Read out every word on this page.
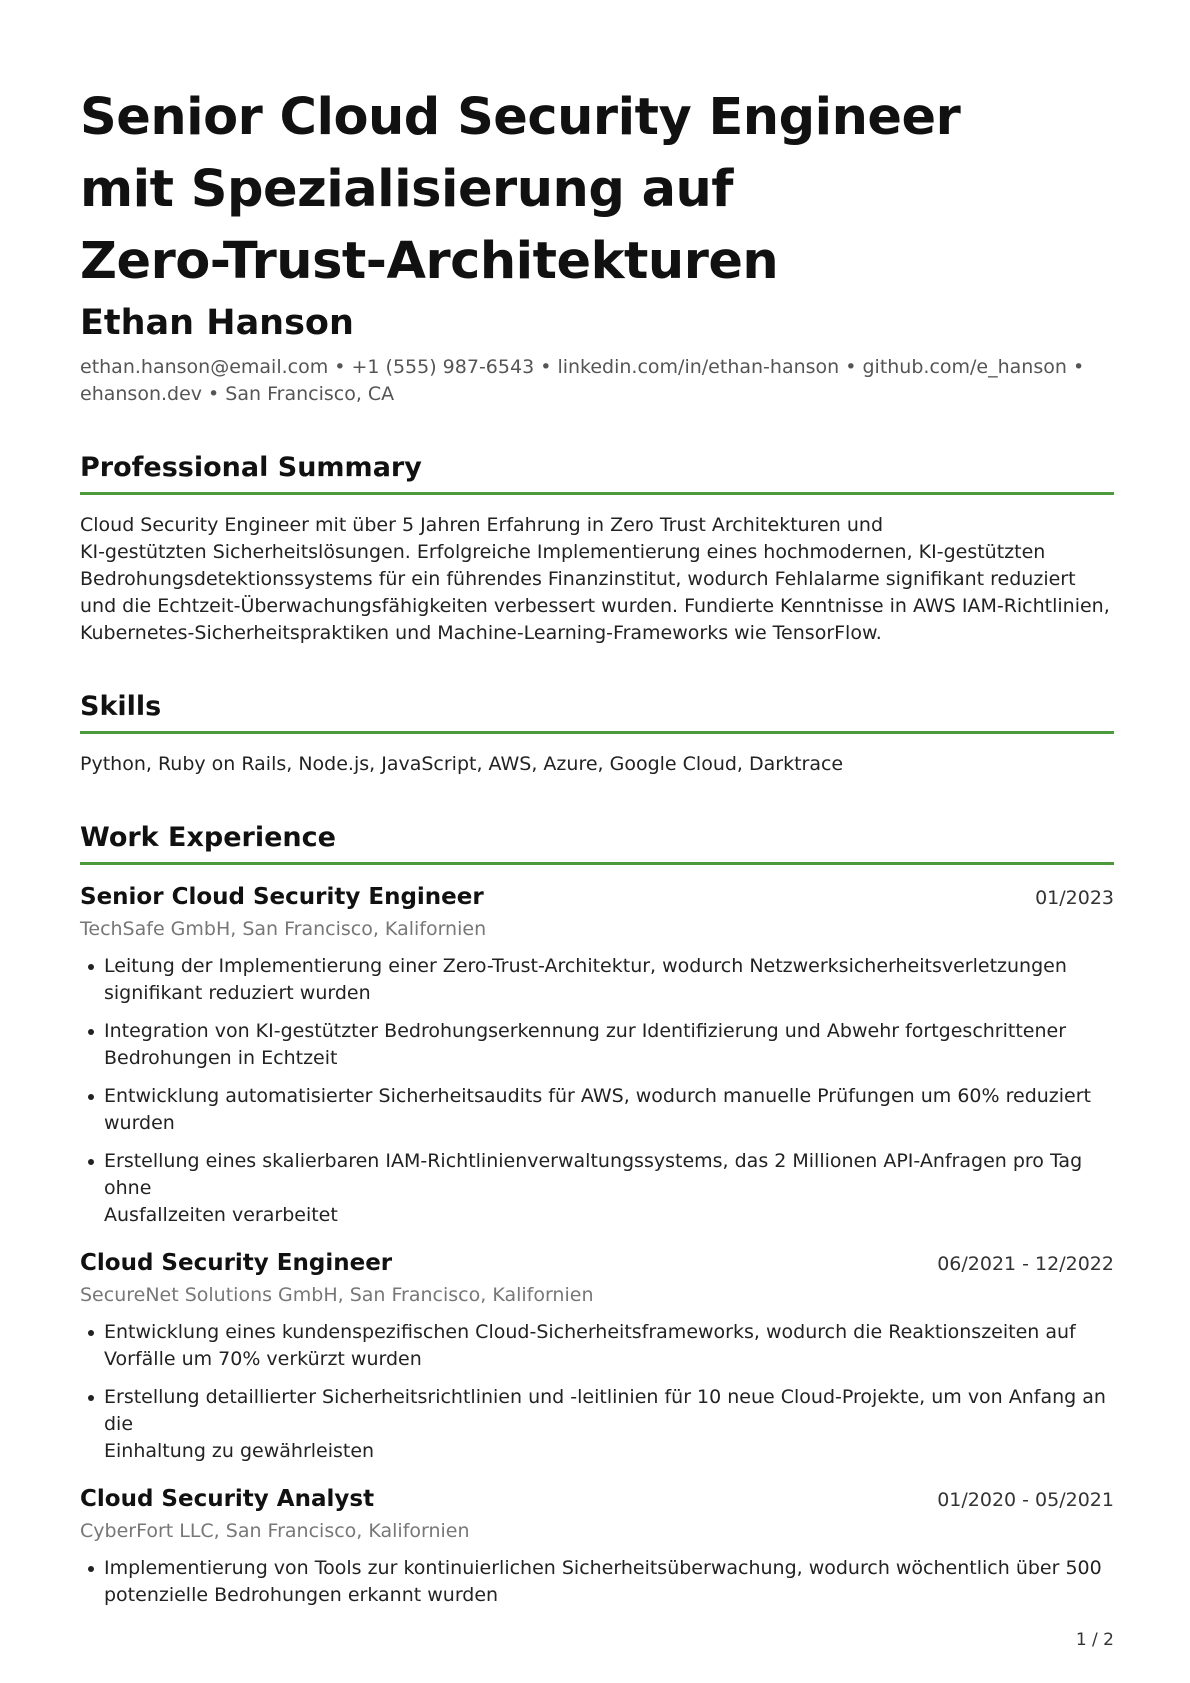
Senior Cloud Security Engineer
mit Spezialisierung auf
Zero-Trust-Architekturen
Ethan Hanson
ethan.hanson@email.com • +1 (555) 987-6543 • linkedin.com/in/ethan-hanson • github.com/e_hanson •
ehanson.dev • San Francisco, CA
Professional Summary
Cloud Security Engineer mit über 5 Jahren Erfahrung in Zero Trust Architekturen und
KI-gestützten Sicherheitslösungen. Erfolgreiche Implementierung eines hochmodernen, KI-gestützten
Bedrohungsdetektionssystems für ein führendes Finanzinstitut, wodurch Fehlalarme signifikant reduziert
und die Echtzeit-Überwachungsfähigkeiten verbessert wurden. Fundierte Kenntnisse in AWS IAM-Richtlinien,
Kubernetes-Sicherheitspraktiken und Machine-Learning-Frameworks wie TensorFlow.
Skills
Python, Ruby on Rails, Node.js, JavaScript, AWS, Azure, Google Cloud, Darktrace
Work Experience
Senior Cloud Security Engineer	01/2023
TechSafe GmbH, San Francisco, Kalifornien
Leitung der Implementierung einer Zero-Trust-Architektur, wodurch Netzwerksicherheitsverletzungen
signifikant reduziert wurden
Integration von KI-gestützter Bedrohungserkennung zur Identifizierung und Abwehr fortgeschrittener
Bedrohungen in Echtzeit
Entwicklung automatisierter Sicherheitsaudits für AWS, wodurch manuelle Prüfungen um 60% reduziert
wurden
Erstellung eines skalierbaren IAM-Richtlinienverwaltungssystems, das 2 Millionen API-Anfragen pro Tag ohne
Ausfallzeiten verarbeitet
Cloud Security Engineer	06/2021 - 12/2022
SecureNet Solutions GmbH, San Francisco, Kalifornien
Entwicklung eines kundenspezifischen Cloud-Sicherheitsframeworks, wodurch die Reaktionszeiten auf
Vorfälle um 70% verkürzt wurden
Erstellung detaillierter Sicherheitsrichtlinien und -leitlinien für 10 neue Cloud-Projekte, um von Anfang an die
Einhaltung zu gewährleisten
Cloud Security Analyst	01/2020 - 05/2021
CyberFort LLC, San Francisco, Kalifornien
Implementierung von Tools zur kontinuierlichen Sicherheitsüberwachung, wodurch wöchentlich über 500
potenzielle Bedrohungen erkannt wurden
1 / 2
